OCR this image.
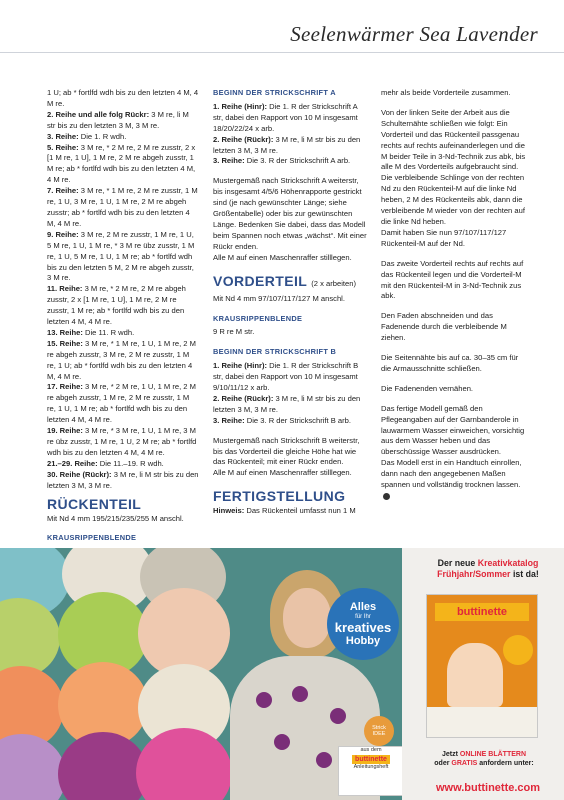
Seelenwärmer Sea Lavender

1 U; ab * fortlfd wdh bis zu den letzten 4 M, 4 M re.

2. Reihe und alle folg Rückr: 3 M re, li M str bis zu den letzten 3 M, 3 M re.

3. Reihe: Die 1. R wdh.

5. Reihe: 3 M re, * 2 M re, 2 M re zusstr, 2 x [1 M re, 1 U], 1 M re, 2 M re abgeh zusstr, 1 M re; ab * fortlfd wdh bis zu den letzten 4 M, 4 M re.

7. Reihe: 3 M re, * 1 M re, 2 M re zusstr, 1 M re, 1 U, 3 M re, 1 U, 1 M re, 2 M re abgeh zusstr; ab * fortlfd wdh bis zu den letzten 4 M, 4 M re.

9. Reihe: 3 M re, 2 M re zusstr, 1 M re, 1 U, 5 M re, 1 U, 1 M re, * 3 M re übz zusstr, 1 M re, 1 U, 5 M re, 1 U, 1 M re; ab * fortlfd wdh bis zu den letzten 5 M, 2 M re abgeh zusstr, 3 M re.

11. Reihe: 3 M re, * 2 M re, 2 M re abgeh zusstr, 2 x [1 M re, 1 U], 1 M re, 2 M re zusstr, 1 M re; ab * fortlfd wdh bis zu den letzten 4 M, 4 M re.

13. Reihe: Die 11. R wdh.

15. Reihe: 3 M re, * 1 M re, 1 U, 1 M re, 2 M re abgeh zusstr, 3 M re, 2 M re zusstr, 1 M re, 1 U; ab * fortlfd wdh bis zu den letzten 4 M, 4 M re.

17. Reihe: 3 M re, * 2 M re, 1 U, 1 M re, 2 M re abgeh zusstr, 1 M re, 2 M re zusstr, 1 M re, 1 U, 1 M re; ab * fortlfd wdh bis zu den letzten 4 M, 4 M re.

19. Reihe: 3 M re, * 3 M re, 1 U, 1 M re, 3 M re übz zusstr, 1 M re, 1 U, 2 M re; ab * fortlfd wdh bis zu den letzten 4 M, 4 M re.

21.–29. Reihe: Die 11.–19. R wdh.

30. Reihe (Rückr): 3 M re, li M str bis zu den letzten 3 M, 3 M re.

RÜCKENTEIL

Mit Nd 4 mm 195/215/235/255 M anschl.

KRAUSRIPPENBLENDE

BEGINN DER STRICKSCHRIFT A

1. Reihe (Hinr): Die 1. R der Strickschrift A str, dabei den Rapport von 10 M insgesamt 18/20/22/24 x arb.

2. Reihe (Rückr): 3 M re, li M str bis zu den letzten 3 M, 3 M re.

3. Reihe: Die 3. R der Strickschrift A arb.

Mustergemäß nach Strickschrift A weiterstr, bis insgesamt 4/5/6 Höhenrapporte gestrickt sind (je nach gewünschter Länge; siehe Größentabelle) oder bis zur gewünschten Länge. Bedenken Sie dabei, dass das Modell beim Spannen noch etwas „wächst“. Mit einer Rückr enden.

Alle M auf einen Maschenraffer stilllegen.

VORDERTEIL (2 x arbeiten)

Mit Nd 4 mm 97/107/117/127 M anschl.

KRAUSRIPPENBLENDE

9 R re M str.

BEGINN DER STRICKSCHRIFT B

1. Reihe (Hinr): Die 1. R der Strickschrift B str, dabei den Rapport von 10 M insgesamt 9/10/11/12 x arb.

2. Reihe (Rückr): 3 M re, li M str bis zu den letzten 3 M, 3 M re.

3. Reihe: Die 3. R der Strickschrift B arb.

Mustergemäß nach Strickschrift B weiterstr, bis das Vorderteil die gleiche Höhe hat wie das Rückenteil; mit einer Rückr enden.

Alle M auf einen Maschenraffer stilllegen.

FERTIGSTELLUNG

Hinweis: Das Rückenteil umfasst nun 1 M

mehr als beide Vorderteile zusammen.

Von der linken Seite der Arbeit aus die Schulternähte schließen wie folgt: Ein Vorderteil und das Rückenteil passgenau rechts auf rechts aufeinanderlegen und die M beider Teile in 3-Nd-Technik zus abk, bis alle M des Vorderteils aufgebraucht sind. Die verbleibende Schlinge von der rechten Nd zu den Rückenteil-M auf die linke Nd heben, 2 M des Rückenteils abk, dann die verbleibende M wieder von der rechten auf die linke Nd heben.

Damit haben Sie nun 97/107/117/127 Rückenteil-M auf der Nd.

Das zweite Vorderteil rechts auf rechts auf das Rückenteil legen und die Vorderteil-M mit den Rückenteil-M in 3-Nd-Technik zus abk.

Den Faden abschneiden und das Fadenende durch die verbleibende M ziehen.

Die Seitennähte bis auf ca. 30–35 cm für die Armausschnitte schließen.

Die Fadenenden vernähen.

Das fertige Modell gemäß den Pflegeangaben auf der Garnbanderole in lauwarmem Wasser einweichen, vorsichtig aus dem Wasser heben und das überschüssige Wasser ausdrücken.

Das Modell erst in ein Handtuch einrollen, dann nach den angegebenen Maßen spannen und vollständig trocknen lassen.

Alles
für Ihr
kreatives
Hobby
Strick
IDEE
aus dem
buttinette
Anleitungsheft
Der neue Kreativkatalog
Frühjahr/Sommer ist da!
buttinette
Jetzt ONLINE BLÄTTERN
oder GRATIS anfordern unter:
www.buttinette.com
